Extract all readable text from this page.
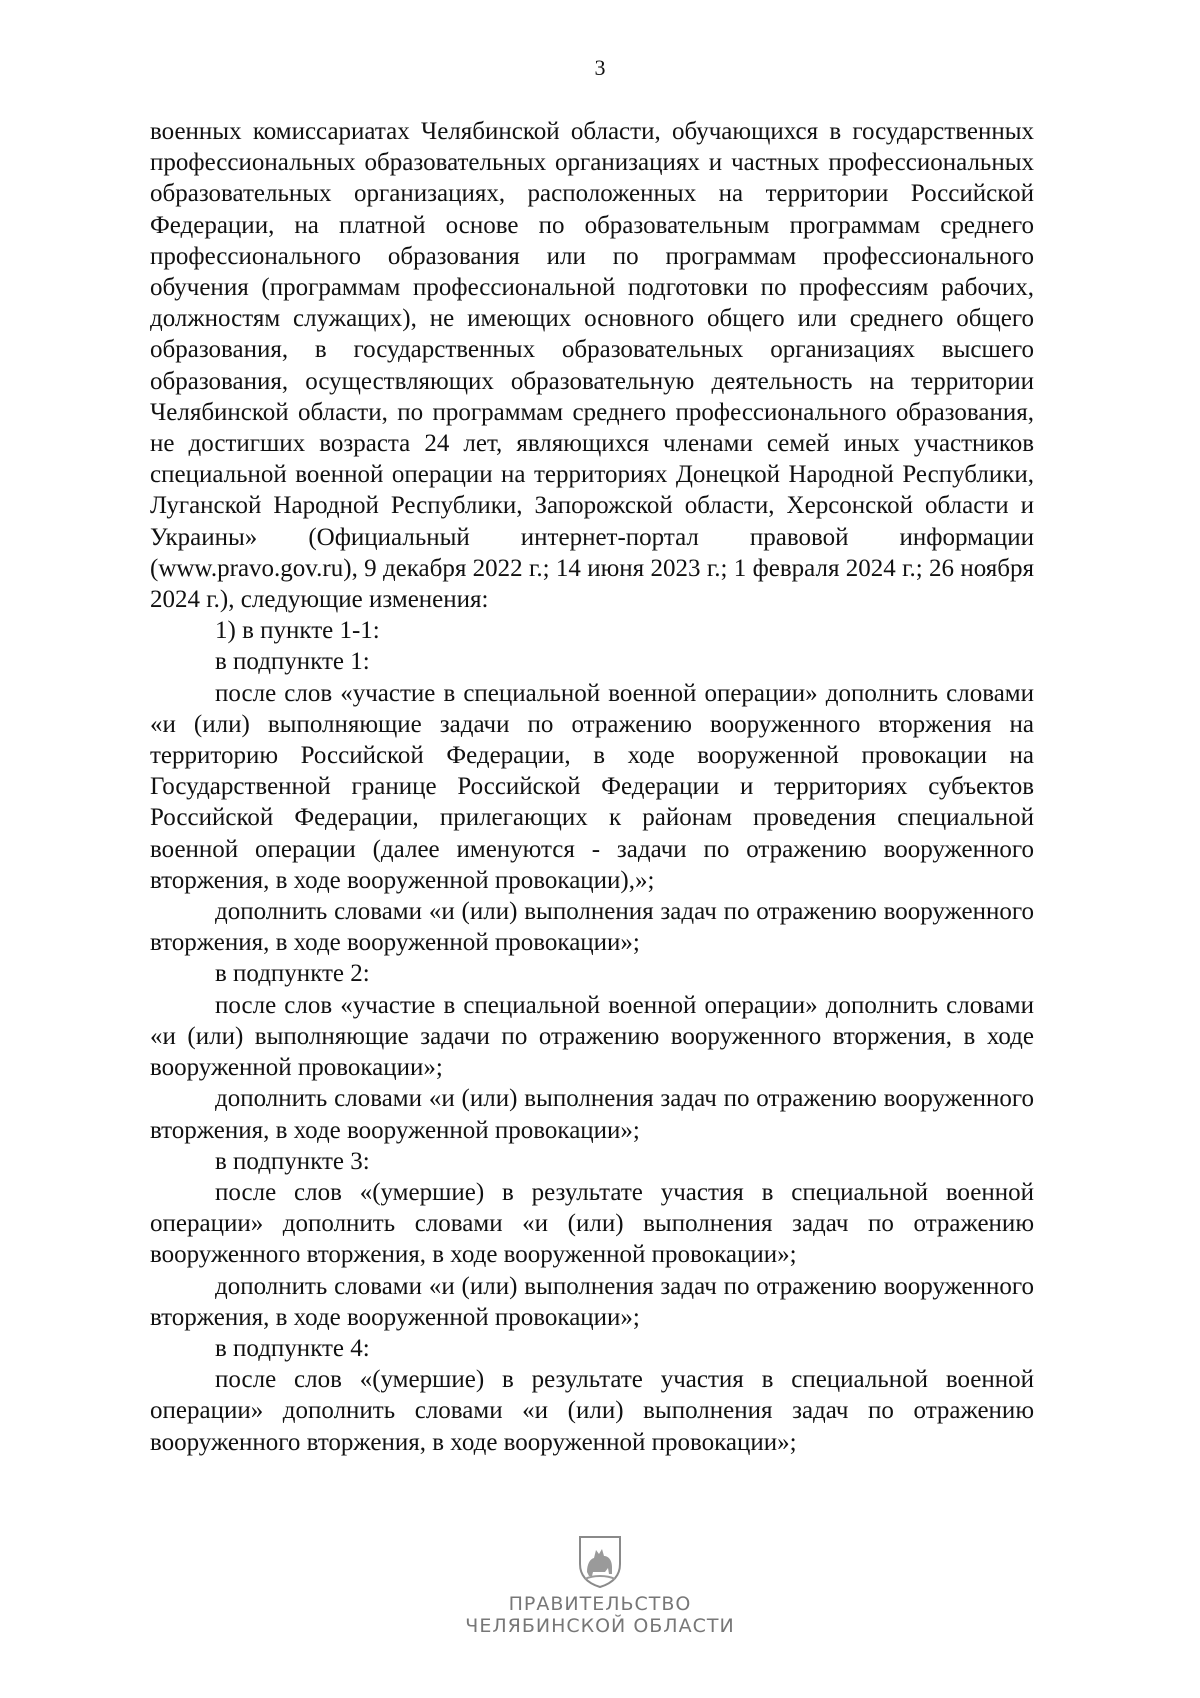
3

военных комиссариатах Челябинской области, обучающихся в государственных профессиональных образовательных организациях и частных профессиональных образовательных организациях, расположенных на территории Российской Федерации, на платной основе по образовательным программам среднего профессионального образования или по программам профессионального обучения (программам профессиональной подготовки по профессиям рабочих, должностям служащих), не имеющих основного общего или среднего общего образования, в государственных образовательных организациях высшего образования, осуществляющих образовательную деятельность на территории Челябинской области, по программам среднего профессионального образования, не достигших возраста 24 лет, являющихся членами семей иных участников специальной военной операции на территориях Донецкой Народной Республики, Луганской Народной Республики, Запорожской области, Херсонской области и Украины» (Официальный интернет-портал правовой информации (www.pravo.gov.ru), 9 декабря 2022 г.; 14 июня 2023 г.; 1 февраля 2024 г.; 26 ноября 2024 г.), следующие изменения:

1) в пункте 1-1:

в подпункте 1:

после слов «участие в специальной военной операции» дополнить словами «и (или) выполняющие задачи по отражению вооруженного вторжения на территорию Российской Федерации, в ходе вооруженной провокации на Государственной границе Российской Федерации и территориях субъектов Российской Федерации, прилегающих к районам проведения специальной военной операции (далее именуются - задачи по отражению вооруженного вторжения, в ходе вооруженной провокации),»;

дополнить словами «и (или) выполнения задач по отражению вооруженного вторжения, в ходе вооруженной провокации»;

в подпункте 2:

после слов «участие в специальной военной операции» дополнить словами «и (или) выполняющие задачи по отражению вооруженного вторжения, в ходе вооруженной провокации»;

дополнить словами «и (или) выполнения задач по отражению вооруженного вторжения, в ходе вооруженной провокации»;

в подпункте 3:

после слов «(умершие) в результате участия в специальной военной операции» дополнить словами «и (или) выполнения задач по отражению вооруженного вторжения, в ходе вооруженной провокации»;

дополнить словами «и (или) выполнения задач по отражению вооруженного вторжения, в ходе вооруженной провокации»;

в подпункте 4:

после слов «(умершие) в результате участия в специальной военной операции» дополнить словами «и (или) выполнения задач по отражению вооруженного вторжения, в ходе вооруженной провокации»;

ПРАВИТЕЛЬСТВО
ЧЕЛЯБИНСКОЙ ОБЛАСТИ
